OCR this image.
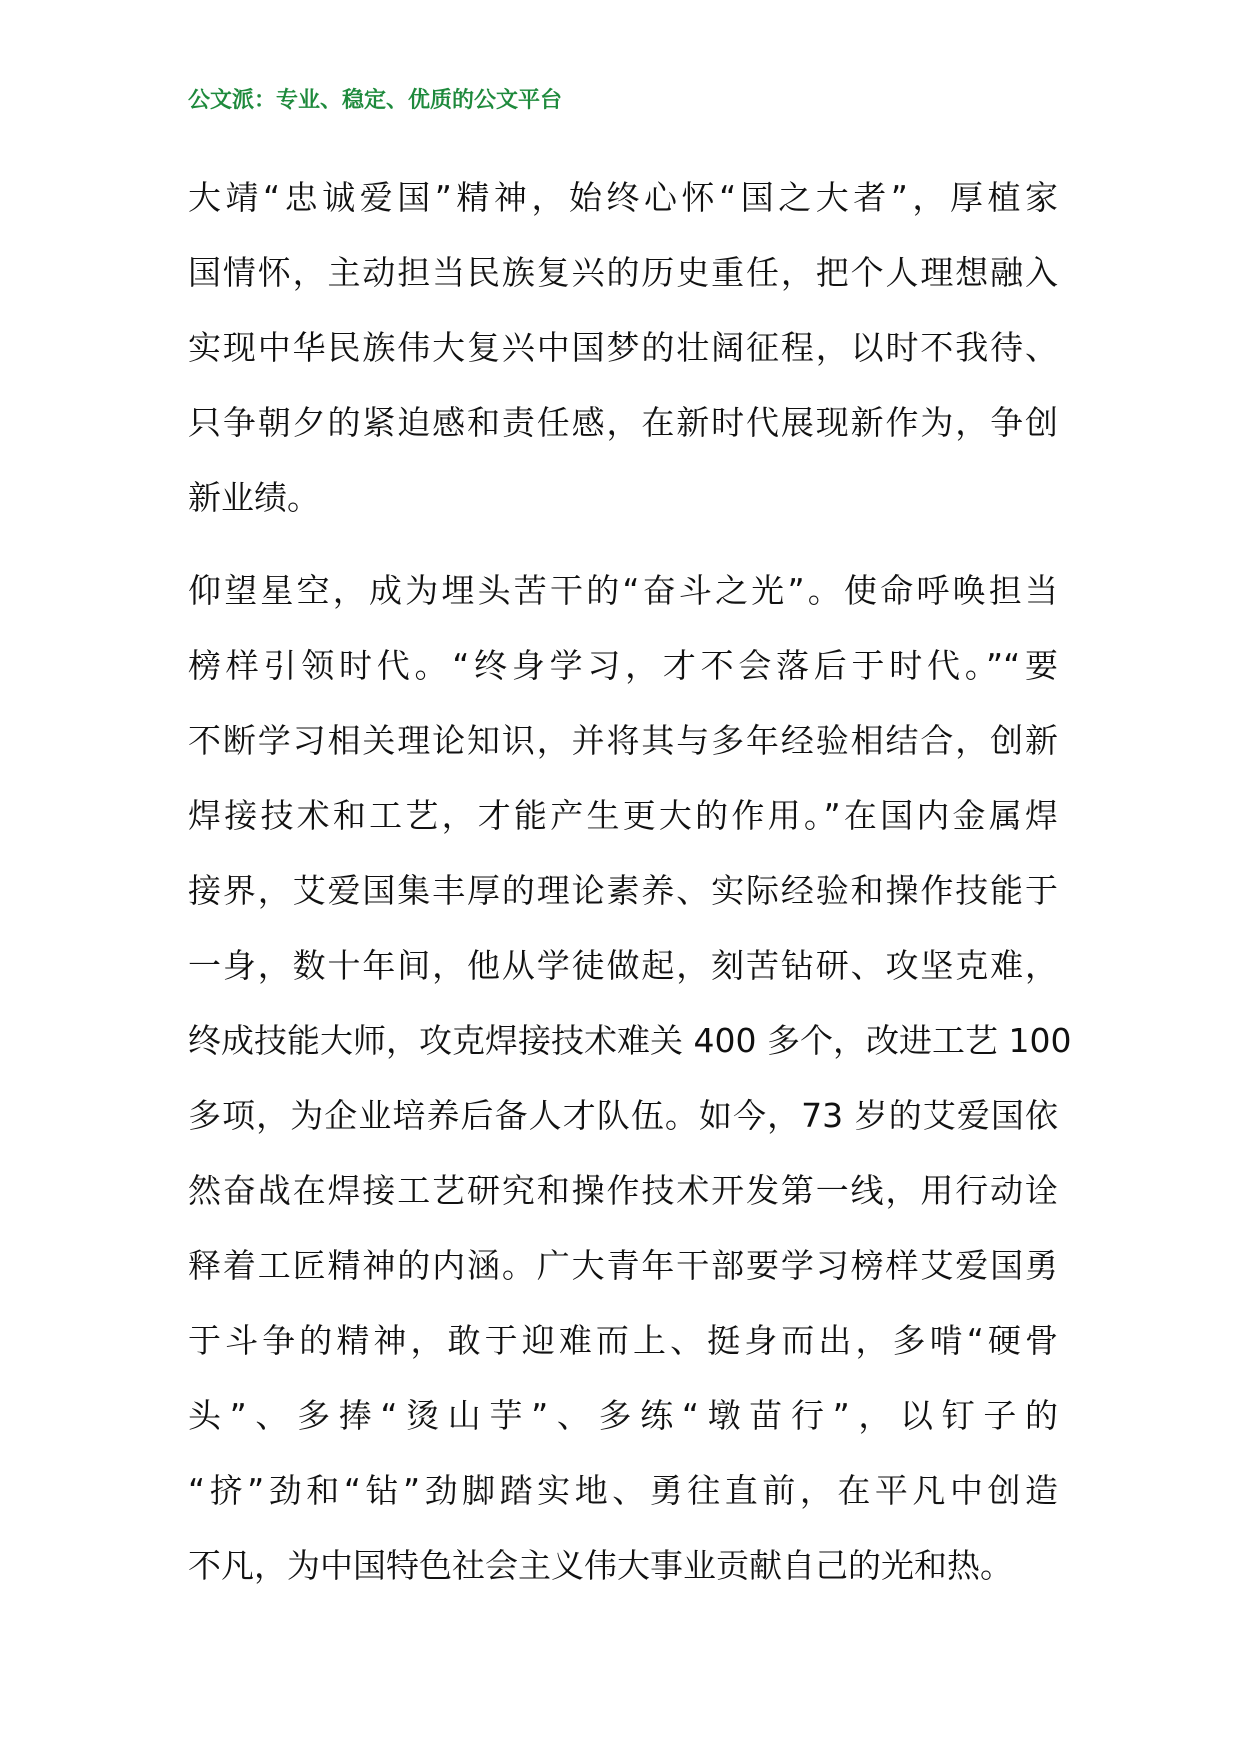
公文派：专业、稳定、优质的公文平台
大靖“忠诚爱国”精神，始终心怀“国之大者”，厚植家
国情怀，主动担当民族复兴的历史重任，把个人理想融入
实现中华民族伟大复兴中国梦的壮阔征程，以时不我待、
只争朝夕的紧迫感和责任感，在新时代展现新作为，争创
新业绩。
仰望星空，成为埋头苦干的“奋斗之光”。使命呼唤担当
榜样引领时代。“终身学习，才不会落后于时代。”“要
不断学习相关理论知识，并将其与多年经验相结合，创新
焊接技术和工艺，才能产生更大的作用。”在国内金属焊
接界，艾爱国集丰厚的理论素养、实际经验和操作技能于
一身，数十年间，他从学徒做起，刻苦钻研、攻坚克难，
终成技能大师，攻克焊接技术难关 400 多个，改进工艺 100
多项，为企业培养后备人才队伍。如今，73 岁的艾爱国依
然奋战在焊接工艺研究和操作技术开发第一线，用行动诠
释着工匠精神的内涵。广大青年干部要学习榜样艾爱国勇
于斗争的精神，敢于迎难而上、挺身而出，多啃“硬骨
头”、多捧“烫山芋”、多练“墩苗行”，以钉子的
“挤”劲和“钻”劲脚踏实地、勇往直前，在平凡中创造
不凡，为中国特色社会主义伟大事业贡献自己的光和热。
